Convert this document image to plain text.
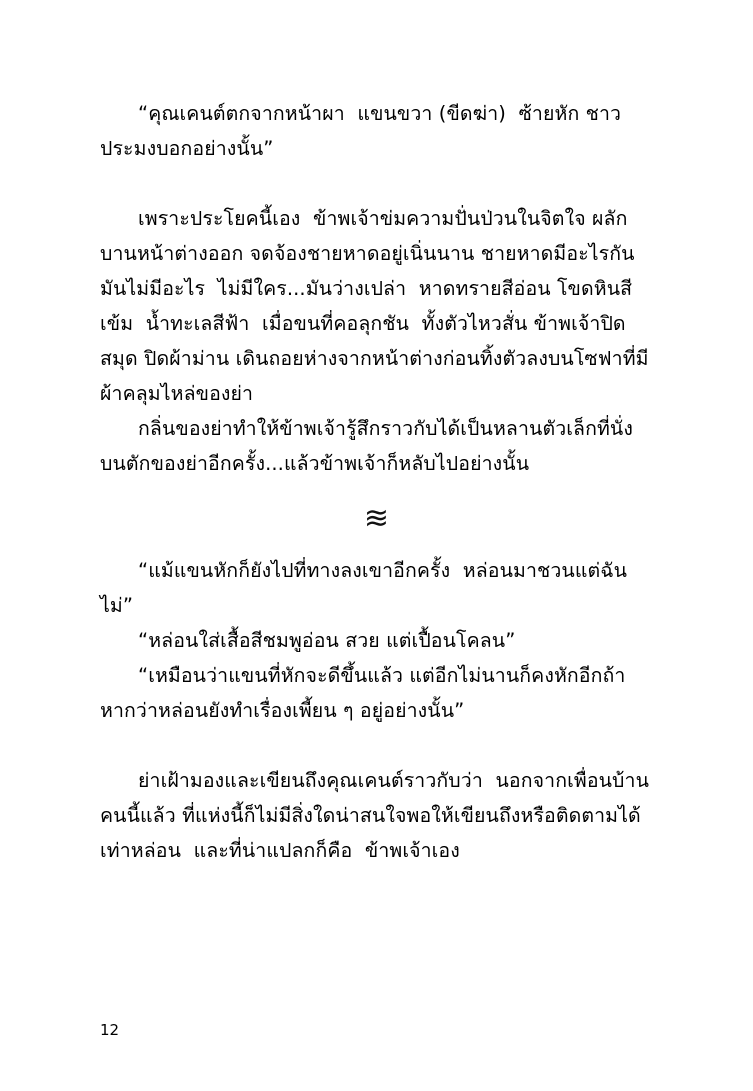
“คุณเคนต์ตกจากหน้าผา  แขนขวา (ขีดฆ่า)  ซ้ายหัก ชาวประมงบอกอย่างนั้น”

เพราะประโยคนี้เอง  ข้าพเจ้าข่มความปั่นป่วนในจิตใจ ผลักบานหน้าต่างออก จดจ้องชายหาดอยู่เนิ่นนาน ชายหาดมีอะไรกัน  มันไม่มีอะไร  ไม่มีใคร...มันว่างเปล่า  หาดทรายสีอ่อน โขดหินสีเข้ม  น้ำทะเลสีฟ้า  เมื่อขนที่คอลุกชัน  ทั้งตัวไหวสั่น ข้าพเจ้าปิดสมุด ปิดผ้าม่าน เดินถอยห่างจากหน้าต่างก่อนทิ้งตัวลงบนโซฟาที่มีผ้าคลุมไหล่ของย่า

กลิ่นของย่าทำให้ข้าพเจ้ารู้สึกราวกับได้เป็นหลานตัวเล็กที่นั่งบนตักของย่าอีกครั้ง...แล้วข้าพเจ้าก็หลับไปอย่างนั้น

≋

“แม้แขนหักก็ยังไปที่ทางลงเขาอีกครั้ง  หล่อนมาชวนแต่ฉันไม่”

“หล่อนใส่เสื้อสีชมพูอ่อน สวย แต่เปื้อนโคลน”

“เหมือนว่าแขนที่หักจะดีขึ้นแล้ว แต่อีกไม่นานก็คงหักอีกถ้าหากว่าหล่อนยังทำเรื่องเพี้ยน ๆ อยู่อย่างนั้น”

ย่าเฝ้ามองและเขียนถึงคุณเคนต์ราวกับว่า  นอกจากเพื่อนบ้านคนนี้แล้ว ที่แห่งนี้ก็ไม่มีสิ่งใดน่าสนใจพอให้เขียนถึงหรือติดตามได้เท่าหล่อน  และที่น่าแปลกก็คือ  ข้าพเจ้าเอง

12
